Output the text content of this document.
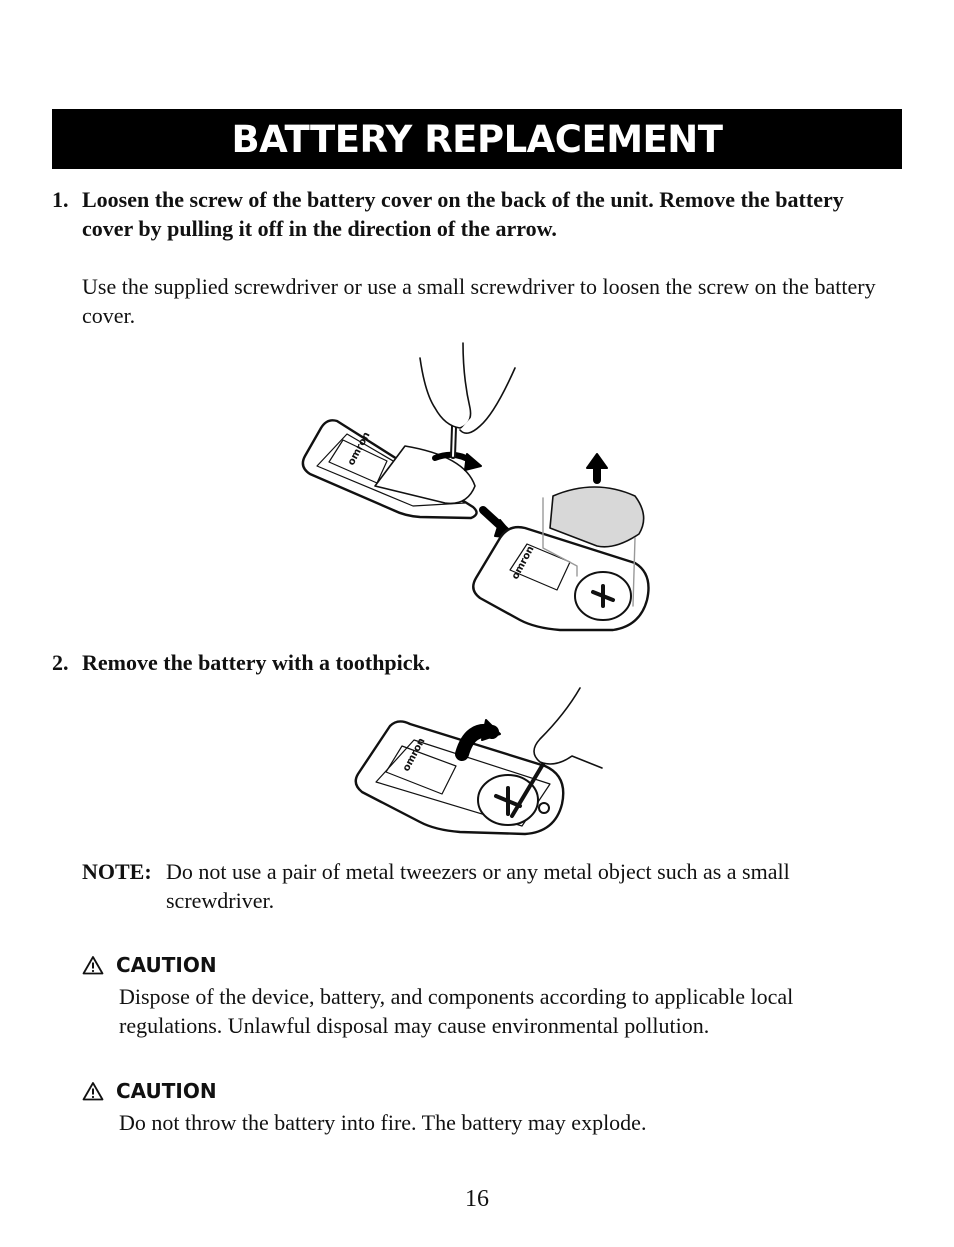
BATTERY REPLACEMENT
1. Loosen the screw of the battery cover on the back of the unit. Remove the battery cover by pulling it off in the direction of the arrow.
Use the supplied screwdriver or use a small screwdriver to loosen the screw on the battery cover.
omron
omron
2. Remove the battery with a toothpick.
omron
NOTE: Do not use a pair of metal tweezers or any metal object such as a small screwdriver.
CAUTION
Dispose of the device, battery, and components according to applicable local regulations. Unlawful disposal may cause environmental pollution.
CAUTION
Do not throw the battery into fire. The battery may explode.
16
